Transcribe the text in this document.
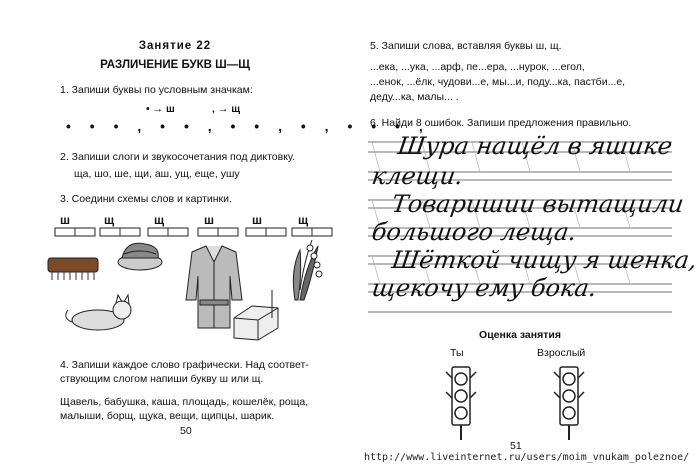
Занятие 22
РАЗЛИЧЕНИЕ БУКВ Ш—Щ
1. Запиши буквы по условным значкам:
• → ш	, → щ
• • • , • • , • • , • , • • • ,
2. Запиши слоги и звукосочетания под диктовку.
ща, шо, ше, щи, аш, ущ, еще, ушу
3. Соедини схемы слов и картинки.
ш	щ	щ	ш	ш	щ
4. Запиши каждое слово графически. Над соответ-
ствующим слогом напиши букву ш или щ.
Щавель, бабушка, каша, площадь, кошелёк, роща,
малыши, борщ, щука, вещи, щипцы, шарик.
50
5. Запиши слова, вставляя буквы ш, щ.
...ека, ...ука, ...арф, пе...ера, ...нурок, ...егол,
...енок, ...ёлк, чудови...е, мы...и, поду...ка, пастби...е,
деду...ка, малы... .
6. Найди 8 ошибок. Запиши предложения правильно.
Шура нащёл в яшике
клещи.
Товаришии вытащили
большого леща.
Шёткой чищу я шенка,
щекочу ему бока.
Оценка занятия
Ты	Взрослый
51
http://www.liveinternet.ru/users/moim_vnukam_poleznoe/
